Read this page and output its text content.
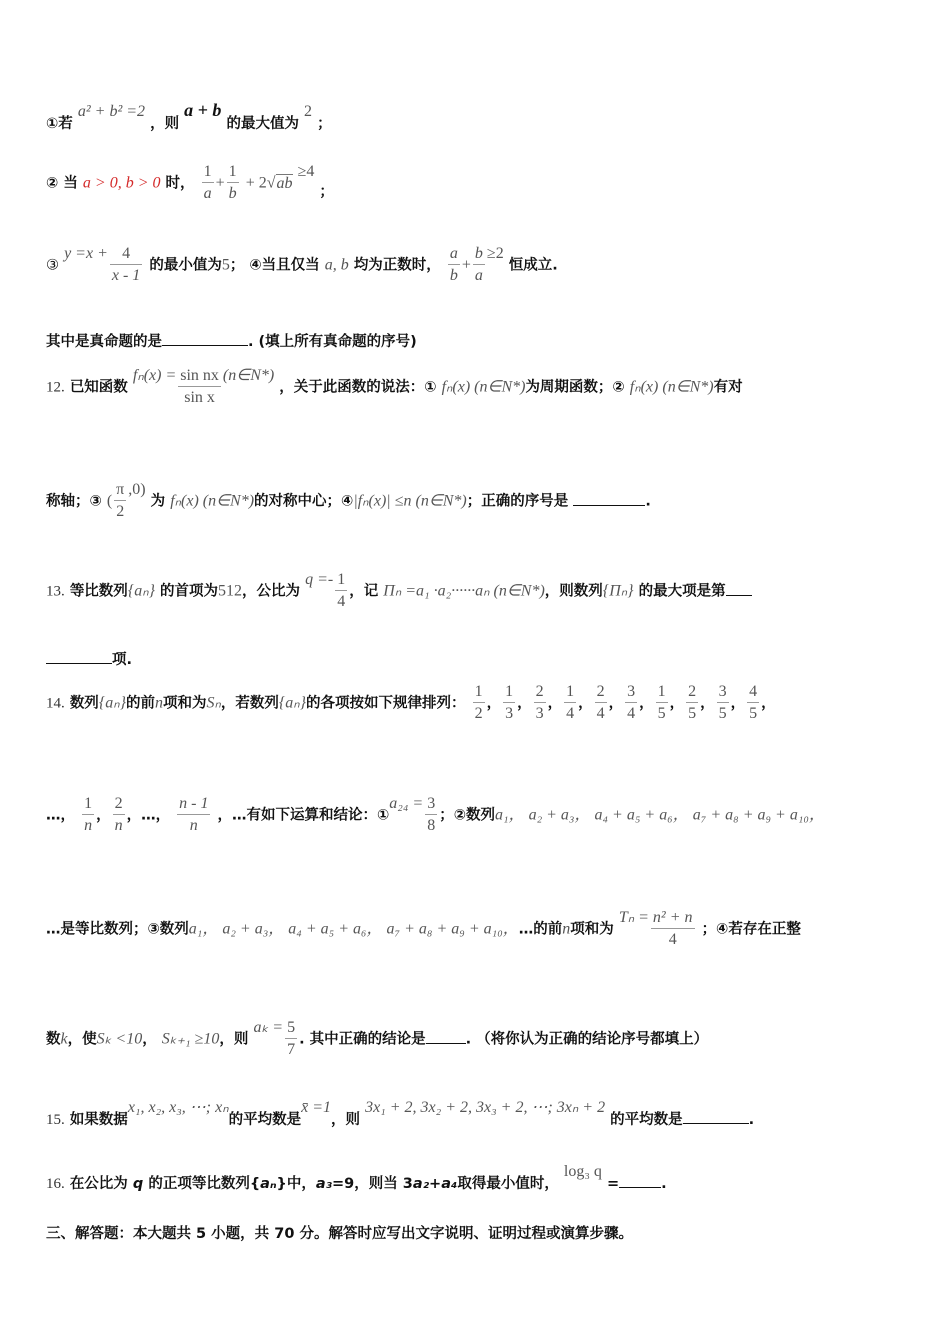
①若 a² + b² =2 ，则 a + b 的最大值为 2 ；
② 当 a > 0, b > 0 时， $\frac{1}{a} + \frac{1}{b} + 2√ab \ge 4$ ；
③ $y =x + \frac{4}{x - 1}$ 的最小值为5； ④当且仅当 a, b 均为正数时， $\frac{a}{b} + \frac{b}{a} \ge 2$ 恒成立.
其中是真命题的是	. (填上所有真命题的序号)
12. 已知函数 $f_n(x) = \frac{\text{sin nx}}{\text{sin x}}$ (n∈N*) ，关于此函数的说法：① fₙ(x) (n∈N*)为周期函数；② fₙ(x) (n∈N*)有对
称轴；③ ( $\frac{\pi}{2} ,0$) 为 fₙ(x) (n∈N*)的对称中心；④|fₙ(x)| ≤n (n∈N*)；正确的序号是	.
13. 等比数列{aₙ} 的首项为512，公比为 $q =- \frac{1}{4}$ ，记 Πₙ =a₁ ·a₂······aₙ (n∈N*)，则数列{Πₙ} 的最大项是第
项.
14. 数列{aₙ}的前n项和为Sₙ，若数列{aₙ}的各项按如下规律排列： $\frac{1}{2}$ ， $\frac{1}{3}$ ， $\frac{2}{3}$ ， $\frac{1}{4}$ ， $\frac{2}{4}$ ， $\frac{3}{4}$ ， $\frac{1}{5}$ ， $\frac{2}{5}$ ， $\frac{3}{5}$ ， $\frac{4}{5}$ ，
…， $\frac{1}{n}$ ， $\frac{2}{n}$ ，…， $\frac{n - 1}{n}$ ，…有如下运算和结论：①a₂₄ = $\frac{3}{8}$ ；②数列a₁， a₂ + a₃， a₄ + a₅ + a₆， a₇ + a₈ + a₉ + a₁₀，
…是等比数列；③数列a₁， a₂ + a₃， a₄ + a₅ + a₆， a₇ + a₈ + a₉ + a₁₀，…的前n项和为 $T_n = \frac{\text{n² + n}}{4}$ ；④若存在正整
数k，使Sₖ <10， Sₖ₊₁ ≥10，则 $a_k = \frac{5}{7}$ . 其中正确的结论是	. （将你认为正确的结论序号都填上）
15. 如果数据x₁, x₂, x₃, ⋯; xₙ的平均数是x̄ =1，则 3x₁ + 2, 3x₂ + 2, 3x₃ + 2, ⋯; 3xₙ + 2 的平均数是	.
16. 在公比为 q 的正项等比数列{aₙ}中，a₃=9，则当 3a₂+a₄取得最小值时， log₃ q =	.
三、解答题：本大题共 5 小题，共 70 分。解答时应写出文字说明、证明过程或演算步骤。
